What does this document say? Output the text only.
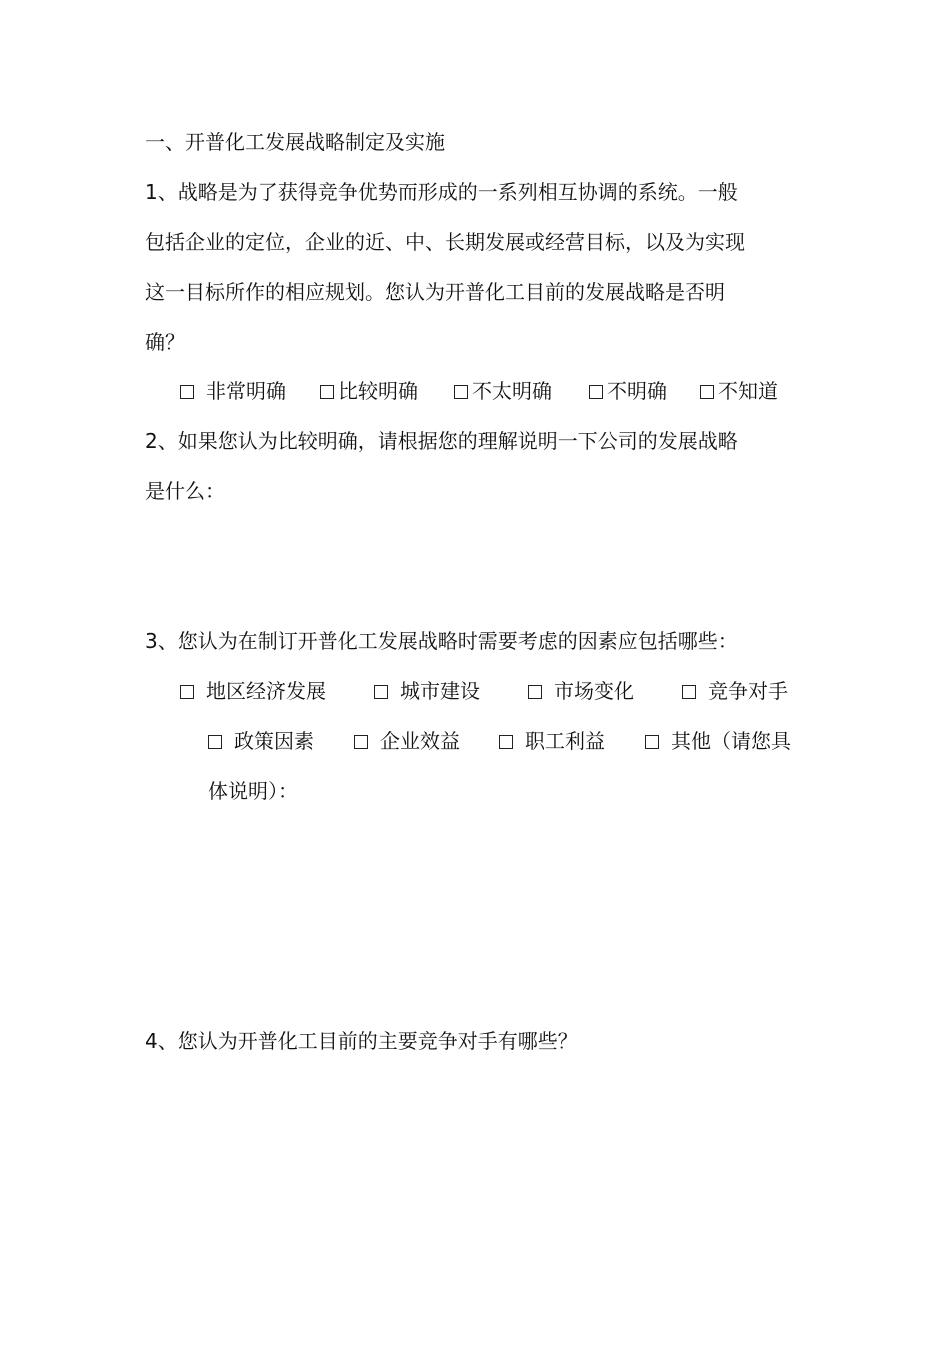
一、开普化工发展战略制定及实施
1、战略是为了获得竞争优势而形成的一系列相互协调的系统。一般
包括企业的定位，企业的近、中、长期发展或经营目标，以及为实现
这一目标所作的相应规划。您认为开普化工目前的发展战略是否明
确？
非常明确	比较明确	不太明确	不明确	不知道
2、如果您认为比较明确，请根据您的理解说明一下公司的发展战略
是什么：
3、您认为在制订开普化工发展战略时需要考虑的因素应包括哪些：
地区经济发展	城市建设	市场变化	竞争对手
政策因素	企业效益	职工利益	其他（请您具
体说明）：
4、您认为开普化工目前的主要竞争对手有哪些？
